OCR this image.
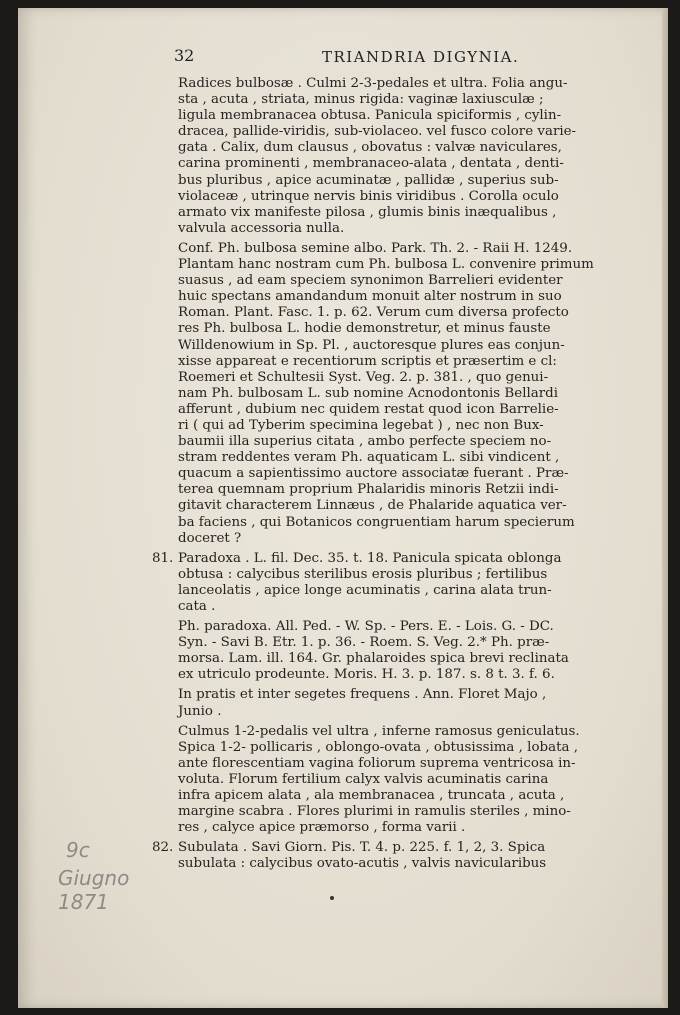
32	TRIANDRIA DIGYNIA.
Radices bulbosæ . Culmi 2-3-pedales et ultra. Folia angu-
sta , acuta , striata, minus rigida: vaginæ laxiusculæ ;
ligula membranacea obtusa. Panicula spiciformis , cylin-
dracea, pallide-viridis, sub-violaceo. vel fusco colore varie-
gata . Calix, dum clausus , obovatus : valvæ naviculares,
carina prominenti , membranaceo-alata , dentata , denti-
bus pluribus , apice acuminatæ , pallidæ , superius sub-
violaceæ , utrinque nervis binis viridibus . Corolla oculo
armato vix manifeste pilosa , glumis binis inæqualibus ,
valvula accessoria nulla.
Conf. Ph. bulbosa semine albo. Park. Th. 2. - Raii H. 1249.
Plantam hanc nostram cum Ph. bulbosa L. convenire primum
suasus , ad eam speciem synonimon Barrelieri evidenter
huic spectans amandandum monuit alter nostrum in suo
Roman. Plant. Fasc. 1. p. 62. Verum cum diversa profecto
res Ph. bulbosa L. hodie demonstretur, et minus fauste
Willdenowium in Sp. Pl. , auctoresque plures eas conjun-
xisse appareat e recentiorum scriptis et præsertim e cl:
Roemeri et Schultesii Syst. Veg. 2. p. 381. , quo genui-
nam Ph. bulbosam L. sub nomine Acnodontonis Bellardi
afferunt , dubium nec quidem restat quod icon Barrelie-
ri ( qui ad Tyberim specimina legebat ) , nec non Bux-
baumii illa superius citata , ambo perfecte speciem no-
stram reddentes veram Ph. aquaticam L. sibi vindicent ,
quacum a sapientissimo auctore associatæ fuerant . Præ-
terea quemnam proprium Phalaridis minoris Retzii indi-
gitavit characterem Linnæus , de Phalaride aquatica ver-
ba faciens , qui Botanicos congruentiam harum specierum
doceret ?
81. Paradoxa . L. fil. Dec. 35. t. 18. Panicula spicata oblonga
obtusa : calycibus sterilibus erosis pluribus ; fertilibus
lanceolatis , apice longe acuminatis , carina alata trun-
cata .
Ph. paradoxa. All. Ped. - W. Sp. - Pers. E. - Lois. G. - DC.
Syn. - Savi B. Etr. 1. p. 36. - Roem. S. Veg. 2.* Ph. præ-
morsa. Lam. ill. 164. Gr. phalaroides spica brevi reclinata
ex utriculo prodeunte. Moris. H. 3. p. 187. s. 8 t. 3. f. 6.
In pratis et inter segetes frequens . Ann. Floret Majo ,
Junio .
Culmus 1-2-pedalis vel ultra , inferne ramosus geniculatus.
Spica 1-2- pollicaris , oblongo-ovata , obtusissima , lobata ,
ante florescentiam vagina foliorum suprema ventricosa in-
voluta. Florum fertilium calyx valvis acuminatis carina
infra apicem alata , ala membranacea , truncata , acuta ,
margine scabra . Flores plurimi in ramulis steriles , mino-
res , calyce apice præmorso , forma varii .
82. Subulata . Savi Giorn. Pis. T. 4. p. 225. f. 1, 2, 3. Spica
subulata : calycibus ovato-acutis , valvis navicularibus
9c
Giugno 1871
